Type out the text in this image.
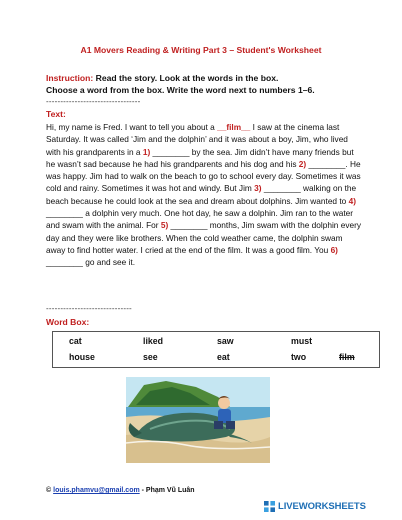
A1 Movers Reading & Writing Part 3 – Student's Worksheet
Instruction: Read the story. Look at the words in the box.
Choose a word from the box. Write the word next to numbers 1–6.
---------------------------------
Text:
Hi, my name is Fred. I want to tell you about a __film__ I saw at the cinema last Saturday. It was called ‘Jim and the dolphin’ and it was about a boy, Jim, who lived with his grandparents in a 1) ________ by the sea. Jim didn’t have many friends but he wasn’t sad because he had his grandparents and his dog and his 2) ________. He was happy. Jim had to walk on the beach to go to school every day. Sometimes it was cold and rainy. Sometimes it was hot and windy. But Jim 3) ________ walking on the beach because he could look at the sea and dream about dolphins. Jim wanted to 4) ________ a dolphin very much. One hot day, he saw a dolphin. Jim ran to the water and swam with the animal. For 5) ________ months, Jim swam with the dolphin every day and they were like brothers. When the cold weather came, the dolphin swam away to find hotter water. I cried at the end of the film. It was a good film. You 6) ________ go and see it.
------------------------------
Word Box:
cat	liked	saw	must
house	see	eat	two	film
© louis.phamvu@gmail.com - Phạm Vũ Luân
LIVEWORKSHEETS
